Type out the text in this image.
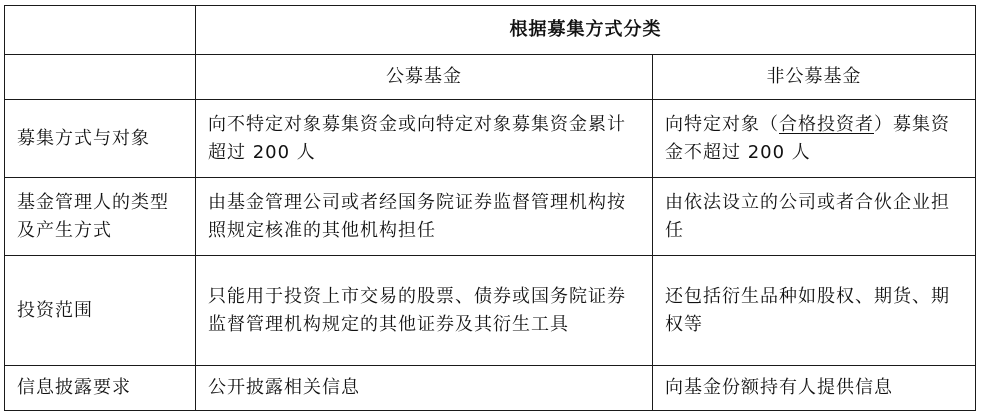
	根据募集方式分类	
	公募基金	非公募基金
募集方式与对象	向不特定对象募集资金或向特定对象募集资金累计超过 200 人	向特定对象（合格投资者）募集资金不超过 200 人
基金管理人的类型及产生方式	由基金管理公司或者经国务院证券监督管理机构按照规定核准的其他机构担任	由依法设立的公司或者合伙企业担任
投资范围	只能用于投资上市交易的股票、债券或国务院证券监督管理机构规定的其他证券及其衍生工具	还包括衍生品种如股权、期货、期权等
信息披露要求	公开披露相关信息	向基金份额持有人提供信息
